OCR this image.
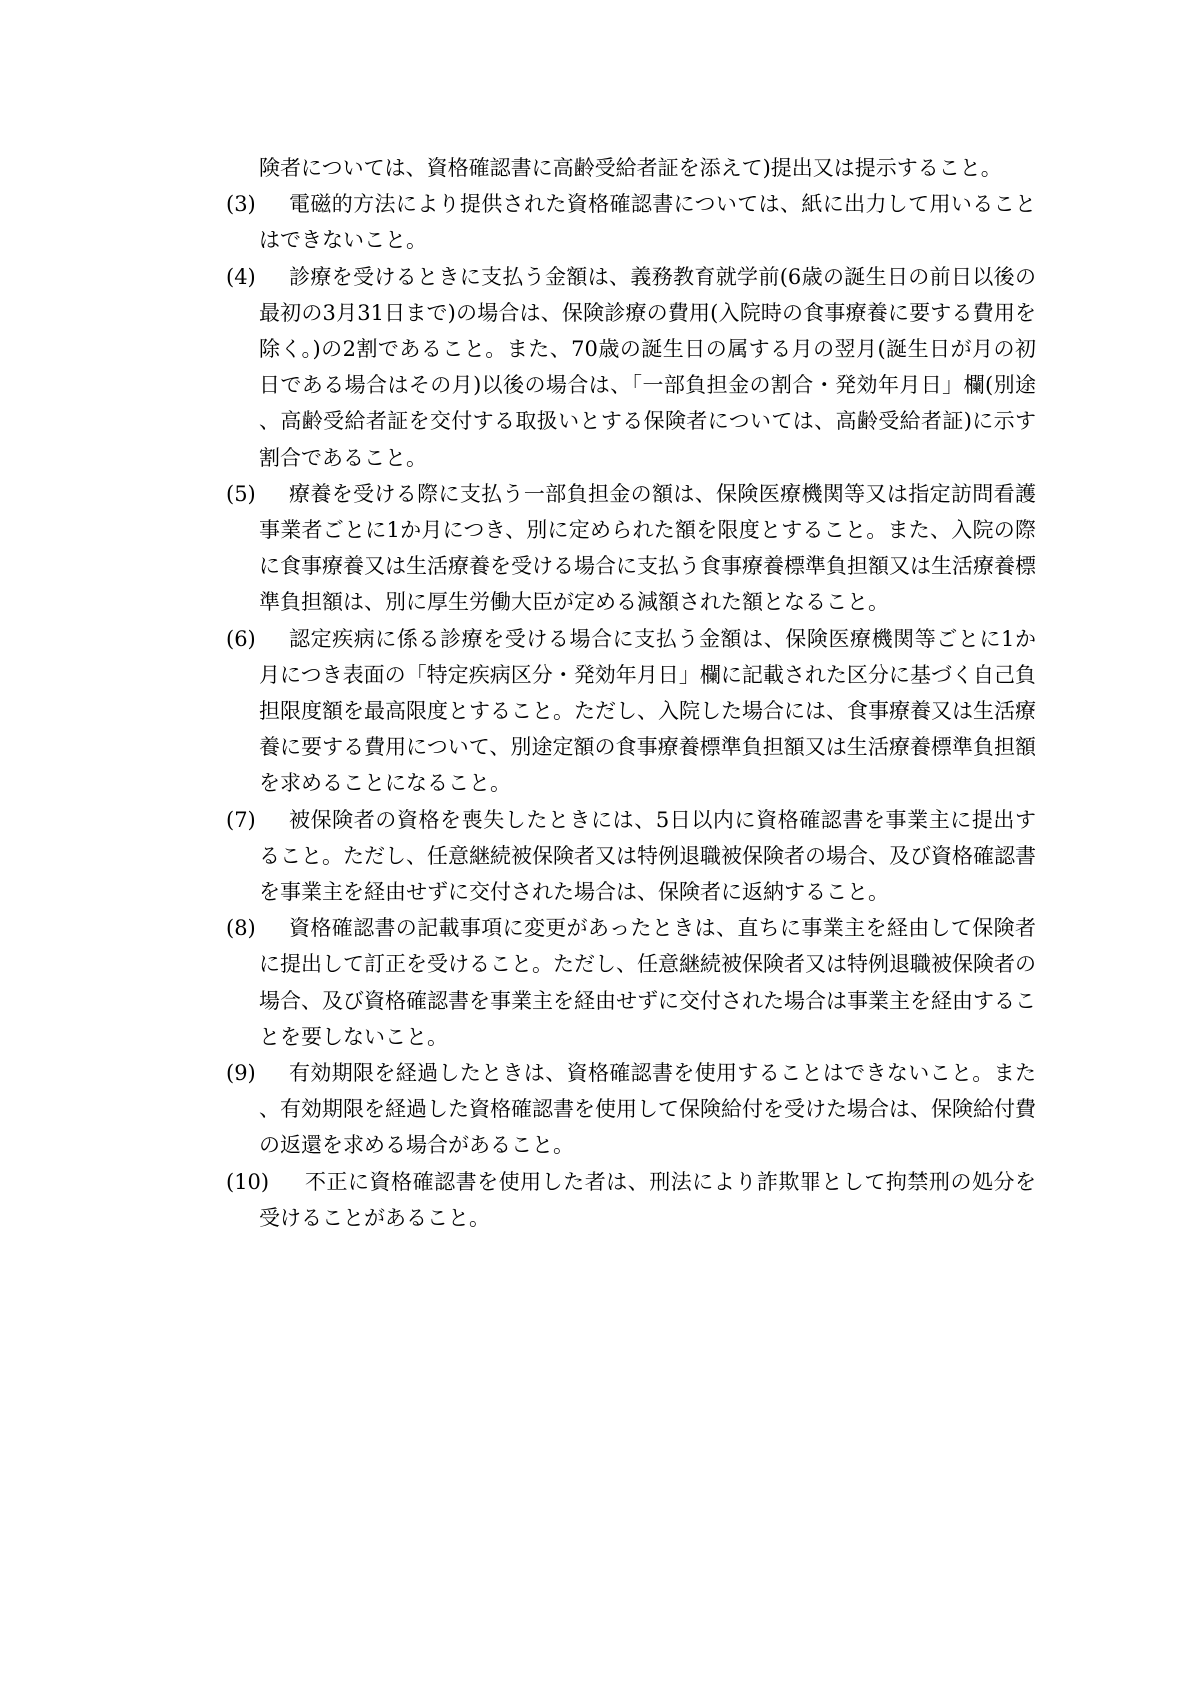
険者については、資格確認書に高齢受給者証を添えて)提出又は提示すること。
(3)	電磁的方法により提供された資格確認書については、紙に出力して用いることはできないこと。
(4)	診療を受けるときに支払う金額は、義務教育就学前(6歳の誕生日の前日以後の最初の3月31日まで)の場合は、保険診療の費用(入院時の食事療養に要する費用を除く。)の2割であること。また、70歳の誕生日の属する月の翌月(誕生日が月の初日である場合はその月)以後の場合は、「一部負担金の割合・発効年月日」欄(別途、高齢受給者証を交付する取扱いとする保険者については、高齢受給者証)に示す割合であること。
(5)	療養を受ける際に支払う一部負担金の額は、保険医療機関等又は指定訪問看護事業者ごとに1か月につき、別に定められた額を限度とすること。また、入院の際に食事療養又は生活療養を受ける場合に支払う食事療養標準負担額又は生活療養標準負担額は、別に厚生労働大臣が定める減額された額となること。
(6)	認定疾病に係る診療を受ける場合に支払う金額は、保険医療機関等ごとに1か月につき表面の「特定疾病区分・発効年月日」欄に記載された区分に基づく自己負担限度額を最高限度とすること。ただし、入院した場合には、食事療養又は生活療養に要する費用について、別途定額の食事療養標準負担額又は生活療養標準負担額を求めることになること。
(7)	被保険者の資格を喪失したときには、5日以内に資格確認書を事業主に提出すること。ただし、任意継続被保険者又は特例退職被保険者の場合、及び資格確認書を事業主を経由せずに交付された場合は、保険者に返納すること。
(8)	資格確認書の記載事項に変更があったときは、直ちに事業主を経由して保険者に提出して訂正を受けること。ただし、任意継続被保険者又は特例退職被保険者の場合、及び資格確認書を事業主を経由せずに交付された場合は事業主を経由することを要しないこと。
(9)	有効期限を経過したときは、資格確認書を使用することはできないこと。また、有効期限を経過した資格確認書を使用して保険給付を受けた場合は、保険給付費の返還を求める場合があること。
(10)	不正に資格確認書を使用した者は、刑法により詐欺罪として拘禁刑の処分を受けることがあること。
